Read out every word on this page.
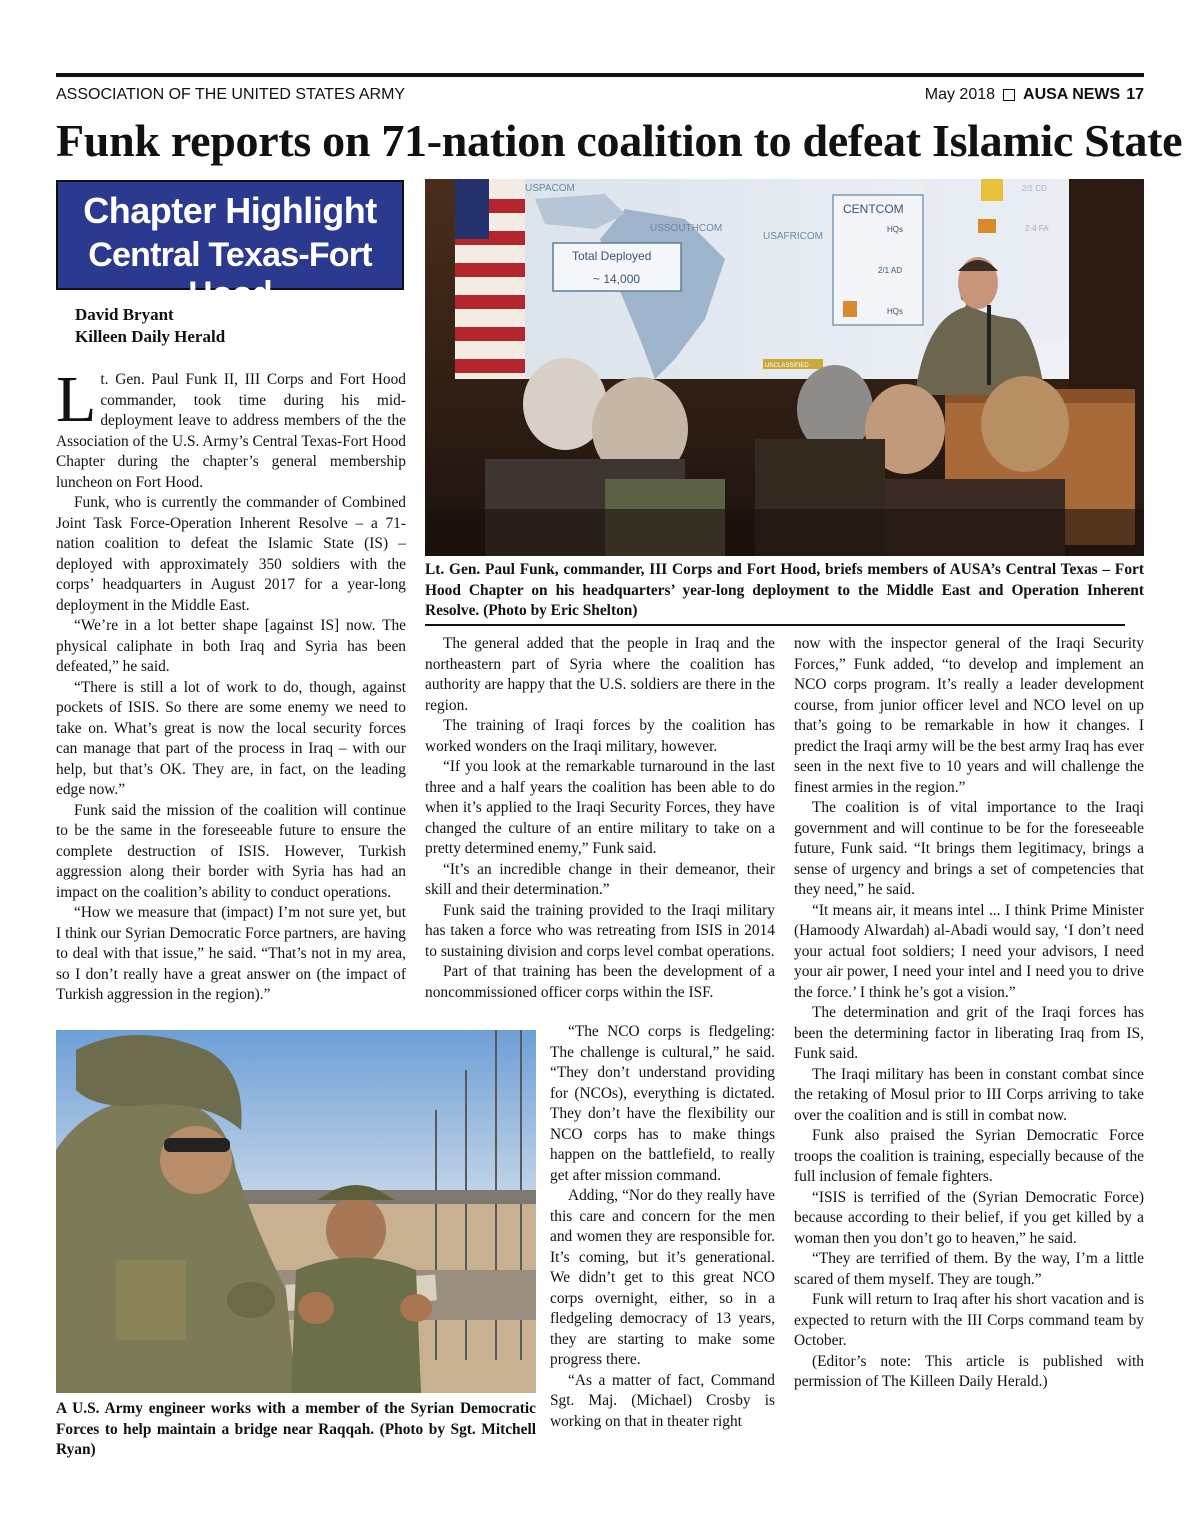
ASSOCIATION OF THE UNITED STATES ARMY	May 2018 AUSA NEWS 17
Funk reports on 71-nation coalition to defeat Islamic State
Chapter Highlight
Central Texas-Fort Hood
David Bryant
Killeen Daily Herald

Lt. Gen. Paul Funk II, III Corps and Fort Hood commander, took time during his mid-deployment leave to address members of the the Association of the U.S. Army’s Central Texas-Fort Hood Chapter during the chapter’s general membership luncheon on Fort Hood.

Funk, who is currently the commander of Combined Joint Task Force-Operation Inherent Resolve – a 71-nation coalition to defeat the Islamic State (IS) – deployed with approximately 350 soldiers with the corps’ headquarters in August 2017 for a year-long deployment in the Middle East.

“We’re in a lot better shape [against IS] now. The physical caliphate in both Iraq and Syria has been defeated,” he said.

“There is still a lot of work to do, though, against pockets of ISIS. So there are some enemy we need to take on. What’s great is now the local security forces can manage that part of the process in Iraq – with our help, but that’s OK. They are, in fact, on the leading edge now.”

Funk said the mission of the coalition will continue to be the same in the foreseeable future to ensure the complete destruction of ISIS. However, Turkish aggression along their border with Syria has had an impact on the coalition’s ability to conduct operations.

“How we measure that (impact) I’m not sure yet, but I think our Syrian Democratic Force partners, are having to deal with that issue,” he said. “That’s not in my area, so I don’t really have a great answer on (the impact of Turkish aggression in the region).”

Total Deployed
~ 14,000
USPACOM
USSOUTHCOM
USAFRICOM
CENTCOM
2/1 AD
HQs
HQs
UNCLASSIFIED
Lt. Gen. Paul Funk, commander, III Corps and Fort Hood, briefs members of AUSA’s Central Texas – Fort Hood Chapter on his headquarters’ year-long deployment to the Middle East and Operation Inherent Resolve. (Photo by Eric Shelton)

The general added that the people in Iraq and the northeastern part of Syria where the coalition has authority are happy that the U.S. soldiers are there in the region.

The training of Iraqi forces by the coalition has worked wonders on the Iraqi military, however.

“If you look at the remarkable turnaround in the last three and a half years the coalition has been able to do when it’s applied to the Iraqi Security Forces, they have changed the culture of an entire military to take on a pretty determined enemy,” Funk said.

“It’s an incredible change in their demeanor, their skill and their determination.”

Funk said the training provided to the Iraqi military has taken a force who was retreating from ISIS in 2014 to sustaining division and corps level combat operations.

Part of that training has been the development of a noncommissioned officer corps within the ISF.

“The NCO corps is fledgeling: The challenge is cultural,” he said. “They don’t understand providing for (NCOs), everything is dictated. They don’t have the flexibility our NCO corps has to make things happen on the battlefield, to really get after mission command.

Adding, “Nor do they really have this care and concern for the men and women they are responsible for. It’s coming, but it’s generational. We didn’t get to this great NCO corps overnight, either, so in a fledgeling democracy of 13 years, they are starting to make some progress there.

“As a matter of fact, Command Sgt. Maj. (Michael) Crosby is working on that in theater right

now with the inspector general of the Iraqi Security Forces,” Funk added, “to develop and implement an NCO corps program. It’s really a leader development course, from junior officer level and NCO level on up that’s going to be remarkable in how it changes. I predict the Iraqi army will be the best army Iraq has ever seen in the next five to 10 years and will challenge the finest armies in the region.”

The coalition is of vital importance to the Iraqi government and will continue to be for the foreseeable future, Funk said. “It brings them legitimacy, brings a sense of urgency and brings a set of competencies that they need,” he said.

“It means air, it means intel ... I think Prime Minister (Hamoody Alwardah) al-Abadi would say, ‘I don’t need your actual foot soldiers; I need your advisors, I need your air power, I need your intel and I need you to drive the force.’ I think he’s got a vision.”

The determination and grit of the Iraqi forces has been the determining factor in liberating Iraq from IS, Funk said.

The Iraqi military has been in constant combat since the retaking of Mosul prior to III Corps arriving to take over the coalition and is still in combat now.

Funk also praised the Syrian Democratic Force troops the coalition is training, especially because of the full inclusion of female fighters.

“ISIS is terrified of the (Syrian Democratic Force) because according to their belief, if you get killed by a woman then you don’t go to heaven,” he said.

“They are terrified of them. By the way, I’m a little scared of them myself. They are tough.”

Funk will return to Iraq after his short vacation and is expected to return with the III Corps command team by October.

(Editor’s note: This article is published with permission of The Killeen Daily Herald.)

A U.S. Army engineer works with a member of the Syrian Democratic Forces to help maintain a bridge near Raqqah. (Photo by Sgt. Mitchell Ryan)
